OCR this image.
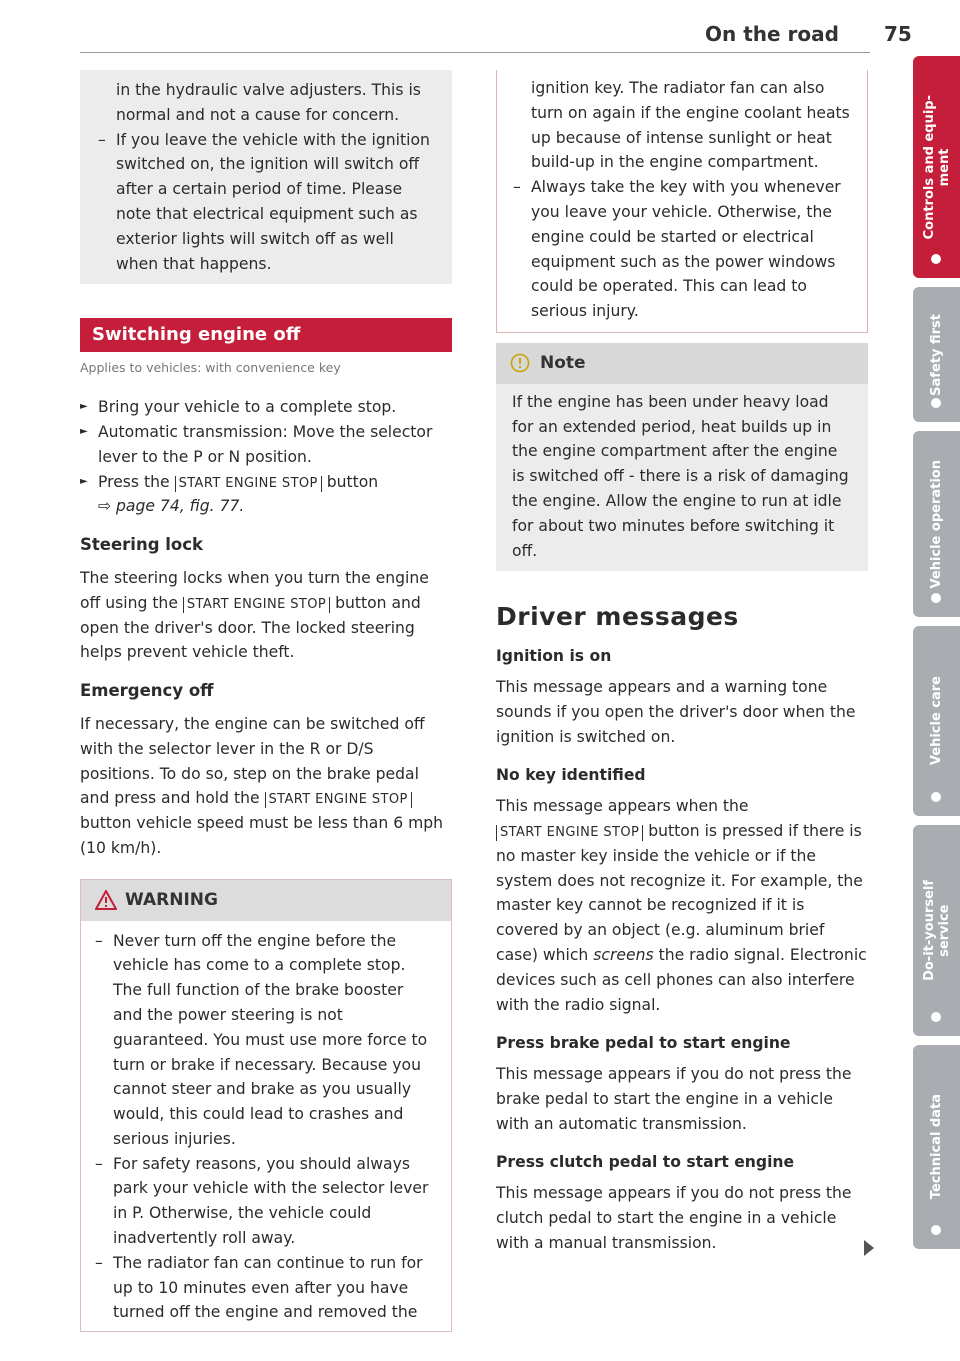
On the road 75

in the hydraulic valve adjusters. This is normal and not a cause for concern.

– If you leave the vehicle with the ignition switched on, the ignition will switch off after a certain period of time. Please note that electrical equipment such as exterior lights will switch off as well when that happens.
Switching engine off
Applies to vehicles: with convenience key
► Bring your vehicle to a complete stop.
► Automatic transmission: Move the selector lever to the P or N position.
► Press the START ENGINE STOP button
⇨ page 74, fig. 77.
Steering lock

The steering locks when you turn the engine off using the START ENGINE STOP button and open the driver's door. The locked steering helps prevent vehicle theft.

Emergency off

If necessary, the engine can be switched off with the selector lever in the R or D/S positions. To do so, step on the brake pedal and press and hold the START ENGINE STOP button vehicle speed must be less than 6 mph (10 km/h).

WARNING
– Never turn off the engine before the vehicle has come to a complete stop. The full function of the brake booster and the power steering is not guaranteed. You must use more force to turn or brake if necessary. Because you cannot steer and brake as you usually would, this could lead to crashes and serious injuries.
– For safety reasons, you should always park your vehicle with the selector lever in P. Otherwise, the vehicle could inadvertently roll away.
– The radiator fan can continue to run for up to 10 minutes even after you have turned off the engine and removed the

ignition key. The radiator fan can also turn on again if the engine coolant heats up because of intense sunlight or heat build-up in the engine compartment.

– Always take the key with you whenever you leave your vehicle. Otherwise, the engine could be started or electrical equipment such as the power windows could be operated. This can lead to serious injury.
Note
If the engine has been under heavy load for an extended period, heat builds up in the engine compartment after the engine is switched off - there is a risk of damaging the engine. Allow the engine to run at idle for about two minutes before switching it off.
Driver messages
Ignition is on

This message appears and a warning tone sounds if you open the driver's door when the ignition is switched on.

No key identified

This message appears when the START ENGINE STOP button is pressed if there is no master key inside the vehicle or if the system does not recognize it. For example, the master key cannot be recognized if it is covered by an object (e.g. aluminum brief case) which screens the radio signal. Electronic devices such as cell phones can also interfere with the radio signal.

Press brake pedal to start engine

This message appears if you do not press the brake pedal to start the engine in a vehicle with an automatic transmission.

Press clutch pedal to start engine

This message appears if you do not press the clutch pedal to start the engine in a vehicle with a manual transmission.

Controls and equip-
ment
Safety first
Vehicle operation
Vehicle care
Do-it-yourself
service
Technical data
